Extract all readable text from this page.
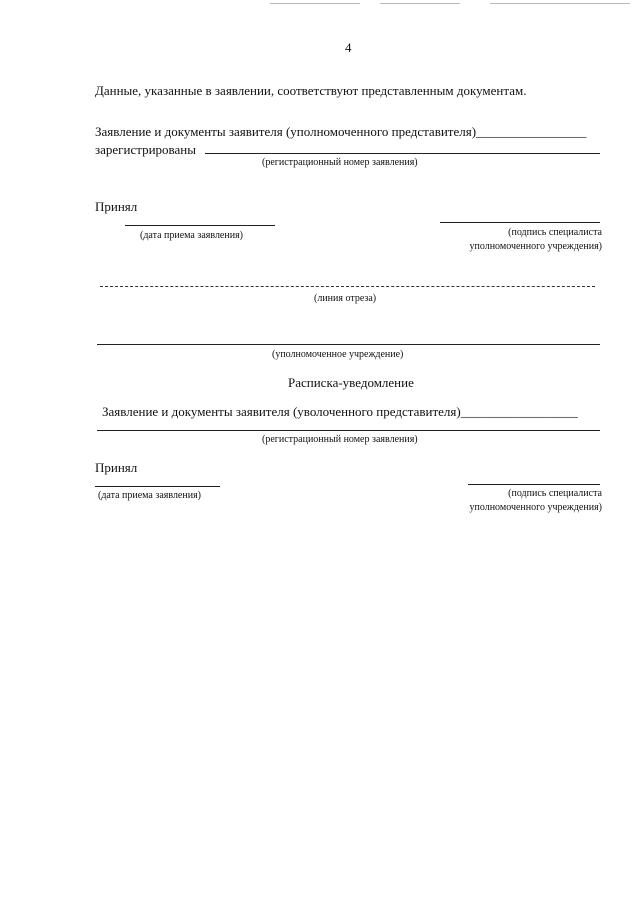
4
Данные, указанные в заявлении, соответствуют представленным документам.
Заявление и документы заявителя (уполномоченного представителя)_________________
зарегистрированы
(регистрационный номер заявления)
Принял
(дата приема заявления)	(подпись специалиста
уполномоченного учреждения)
(линия отреза)
(уполномоченное учреждение)
Расписка-уведомление
Заявление и документы заявителя (уволоченного представителя)__________________
(регистрационный номер заявления)
Принял
(дата приема заявления)	(подпись специалиста
уполномоченного учреждения)
